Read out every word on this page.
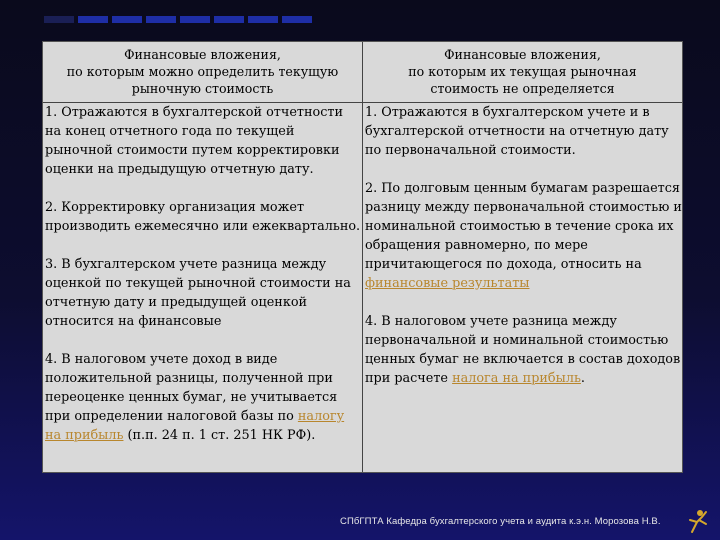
Финансовые вложения,
по которым можно определить текущую
рыночную стоимость
Финансовые вложения,
по которым их текущая рыночная
стоимость не определяется

1. Отражаются в бухгалтерской отчетности на конец отчетного года по текущей рыночной стоимости путем корректировки оценки на предыдущую отчетную дату.

2. Корректировку организация может производить ежемесячно или ежеквартально.

3. В бухгалтерском учете разница между оценкой по текущей рыночной стоимости на отчетную дату и предыдущей оценкой относится на финансовые

4. В налоговом учете доход в виде положительной разницы, полученной при переоценке ценных бумаг, не учитывается при определении налоговой базы по налогу на прибыль (п.п. 24 п. 1 ст. 251 НК РФ).

1. Отражаются в бухгалтерском учете и в бухгалтерской отчетности на отчетную дату по первоначальной стоимости.

2. По долговым ценным бумагам разрешается разницу между первоначальной стоимостью и номинальной стоимостью в течение срока их обращения равномерно, по мере причитающегося по дохода, относить на финансовые результаты

4. В налоговом учете разница между первоначальной и номинальной стоимостью ценных бумаг не включается в состав доходов при расчете налога на прибыль.

СПбГПТА Кафедра бухгалтерского учета и аудита к.э.н. Морозова Н.В.
